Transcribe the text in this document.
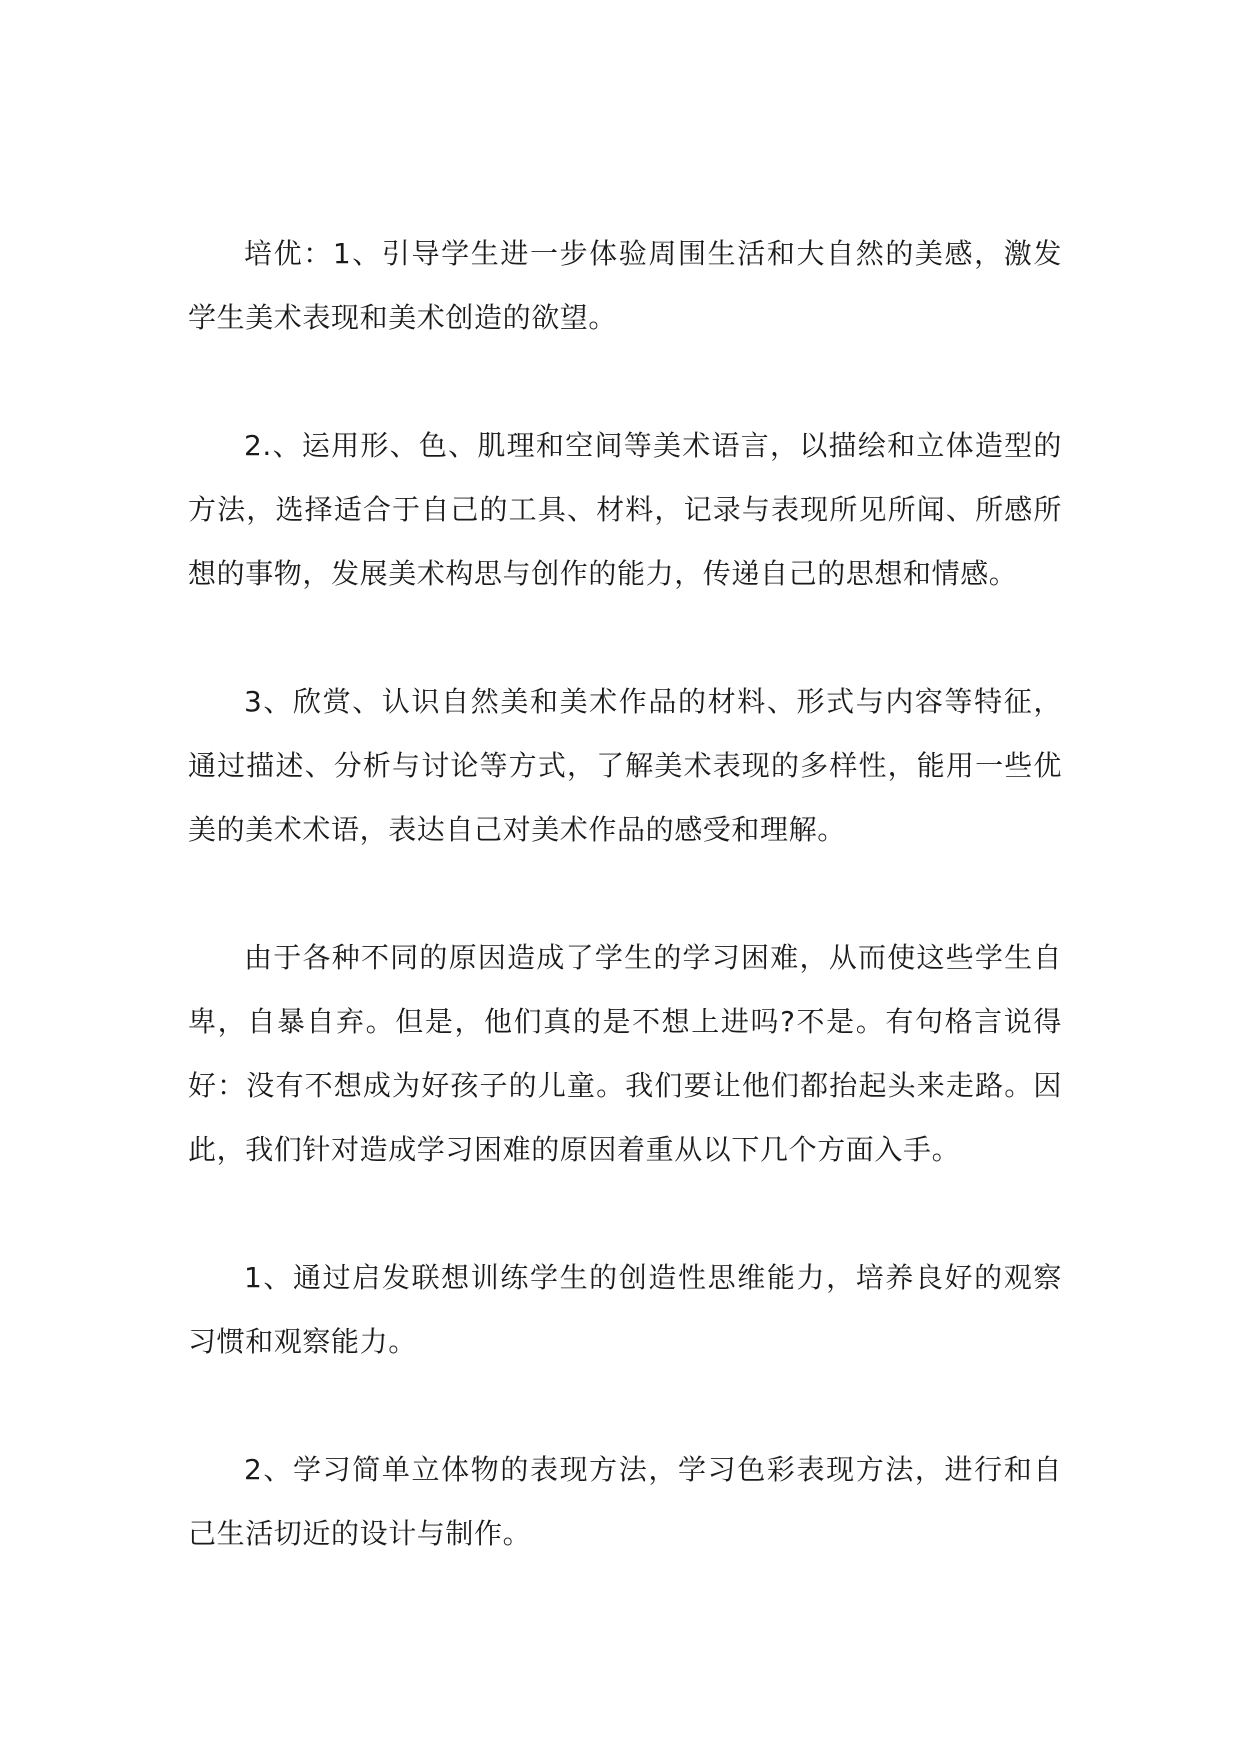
培优：1、引导学生进一步体验周围生活和大自然的美感，激发学生美术表现和美术创造的欲望。

2.、运用形、色、肌理和空间等美术语言，以描绘和立体造型的方法，选择适合于自己的工具、材料，记录与表现所见所闻、所感所想的事物，发展美术构思与创作的能力，传递自己的思想和情感。

3、欣赏、认识自然美和美术作品的材料、形式与内容等特征，通过描述、分析与讨论等方式，了解美术表现的多样性，能用一些优美的美术术语，表达自己对美术作品的感受和理解。

由于各种不同的原因造成了学生的学习困难，从而使这些学生自卑，自暴自弃。但是，他们真的是不想上进吗?不是。有句格言说得好：没有不想成为好孩子的儿童。我们要让他们都抬起头来走路。因此，我们针对造成学习困难的原因着重从以下几个方面入手。

1、通过启发联想训练学生的创造性思维能力，培养良好的观察习惯和观察能力。

2、学习简单立体物的表现方法，学习色彩表现方法，进行和自己生活切近的设计与制作。
